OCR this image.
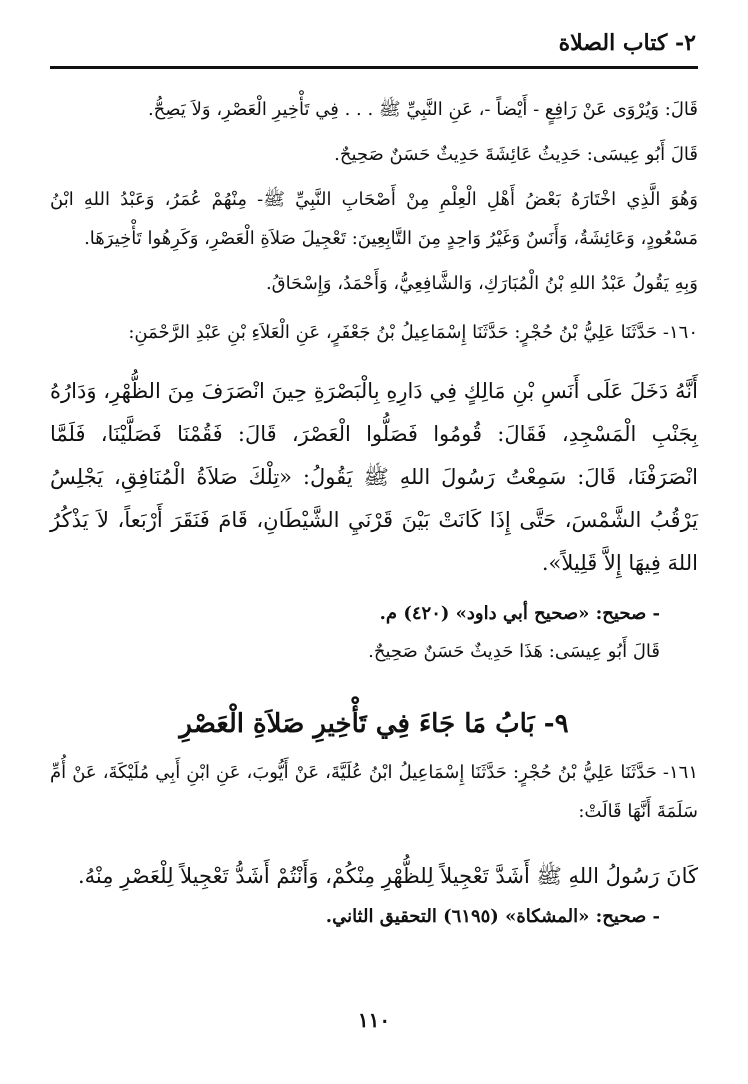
٢- كتاب الصلاة

قَالَ: وَيُرْوَى عَنْ رَافِعٍ - أَيْضاً -، عَنِ النَّبِيِّ ﷺ . . . فِي تَأْخِيرِ الْعَصْرِ، وَلاَ يَصِحُّ.

قَالَ أَبُو عِيسَى: حَدِيثُ عَائِشَةَ حَدِيثٌ حَسَنٌ صَحِيحٌ.

وَهُوَ الَّذِي اخْتَارَهُ بَعْضُ أَهْلِ الْعِلْمِ مِنْ أَصْحَابِ النَّبِيِّ ﷺ- مِنْهُمْ عُمَرُ، وَعَبْدُ اللهِ ابْنُ مَسْعُودٍ، وَعَائِشَةُ، وَأَنَسٌ وَغَيْرُ وَاحِدٍ مِنَ التَّابِعِينَ: تَعْجِيلَ صَلاَةِ الْعَصْرِ، وَكَرِهُوا تَأْخِيرَهَا.

وَبِهِ يَقُولُ عَبْدُ اللهِ بْنُ الْمُبَارَكِ، وَالشَّافِعِيُّ، وَأَحْمَدُ، وَإِسْحَاقُ.

١٦٠- حَدَّثَنَا عَلِيُّ بْنُ حُجْرٍ: حَدَّثَنَا إِسْمَاعِيلُ بْنُ جَعْفَرٍ، عَنِ الْعَلاَءِ بْنِ عَبْدِ الرَّحْمَنِ:

أَنَّهُ دَخَلَ عَلَى أَنَسِ بْنِ مَالِكٍ فِي دَارِهِ بِالْبَصْرَةِ حِينَ انْصَرَفَ مِنَ الظُّهْرِ، وَدَارُهُ بِجَنْبِ الْمَسْجِدِ، فَقَالَ: قُومُوا فَصَلُّوا الْعَصْرَ، قَالَ: فَقُمْنَا فَصَلَّيْنَا، فَلَمَّا انْصَرَفْنَا، قَالَ: سَمِعْتُ رَسُولَ اللهِ ﷺ يَقُولُ: «تِلْكَ صَلاَةُ الْمُنَافِقِ، يَجْلِسُ يَرْقُبُ الشَّمْسَ، حَتَّى إِذَا كَانَتْ بَيْنَ قَرْنَيِ الشَّيْطَانِ، قَامَ فَنَقَرَ أَرْبَعاً، لاَ يَذْكُرُ اللهَ فِيهَا إِلاَّ قَلِيلاً».

- صحيح: «صحيح أبي داود» (٤٢٠) م.

قَالَ أَبُو عِيسَى: هَذَا حَدِيثٌ حَسَنٌ صَحِيحٌ.

٩- بَابُ مَا جَاءَ فِي تَأْخِيرِ صَلاَةِ الْعَصْرِ

١٦١- حَدَّثَنَا عَلِيُّ بْنُ حُجْرٍ: حَدَّثَنَا إِسْمَاعِيلُ ابْنُ عُلَيَّةَ، عَنْ أَيُّوبَ، عَنِ ابْنِ أَبِي مُلَيْكَةَ، عَنْ أُمِّ سَلَمَةَ أَنَّهَا قَالَتْ:

كَانَ رَسُولُ اللهِ ﷺ أَشَدَّ تَعْجِيلاً لِلظُّهْرِ مِنْكُمْ، وَأَنْتُمْ أَشَدُّ تَعْجِيلاً لِلْعَصْرِ مِنْهُ.

- صحيح: «المشكاة» (٦١٩٥) التحقيق الثاني.

١١٠
